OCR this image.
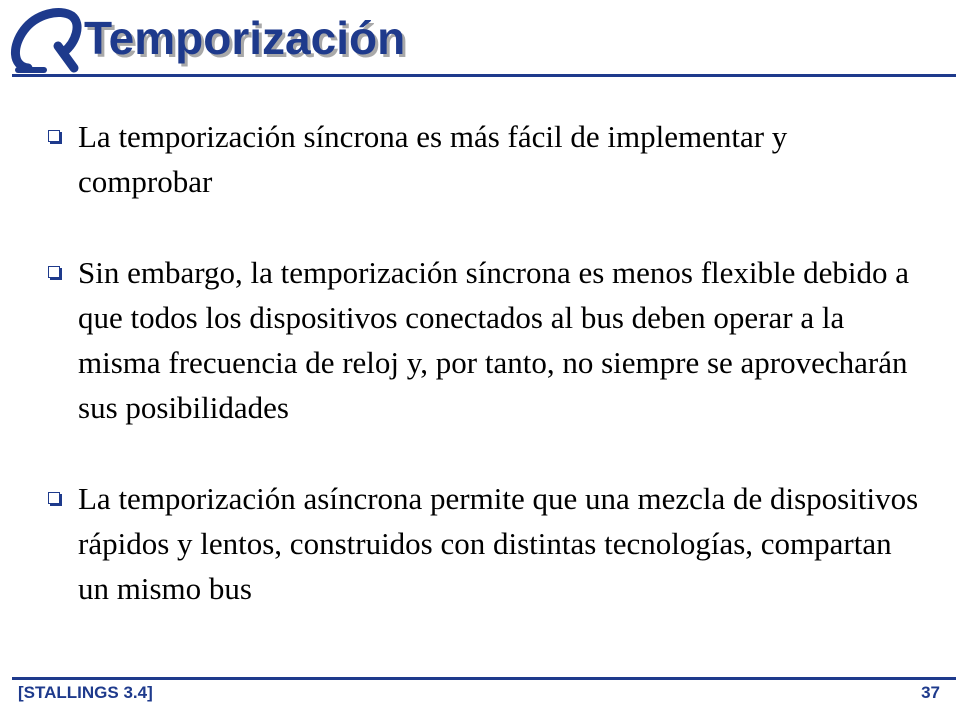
Temporización
La temporización síncrona es más fácil de implementar y comprobar
Sin embargo, la temporización síncrona es menos flexible debido a que todos los dispositivos conectados al bus deben operar a la misma frecuencia de reloj y, por tanto, no siempre se aprovecharán sus posibilidades
La temporización asíncrona permite que una mezcla de dispositivos rápidos y lentos, construidos con distintas tecnologías, compartan un mismo bus
[STALLINGS 3.4]	37
